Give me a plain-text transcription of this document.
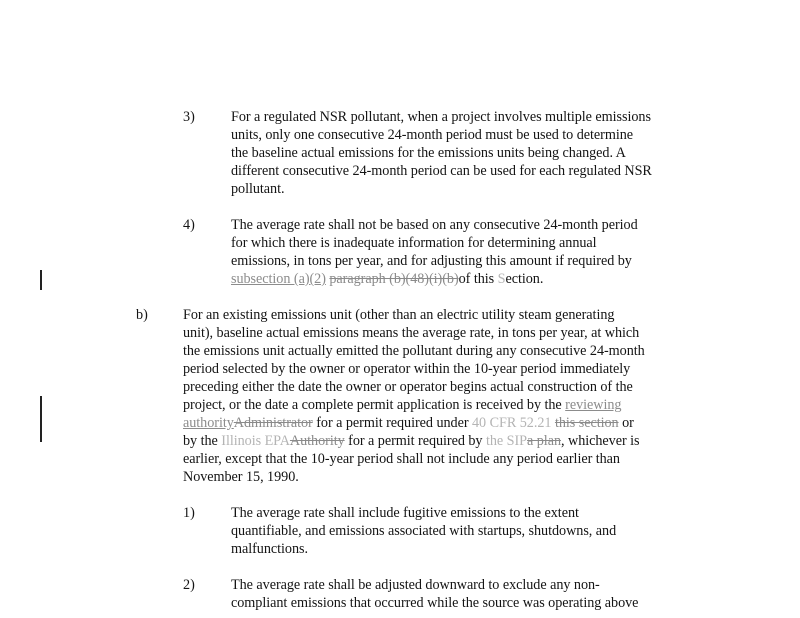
3)	For a regulated NSR pollutant, when a project involves multiple emissions
units, only one consecutive 24-month period must be used to determine
the baseline actual emissions for the emissions units being changed. A
different consecutive 24-month period can be used for each regulated NSR
pollutant.
4)	The average rate shall not be based on any consecutive 24-month period
for which there is inadequate information for determining annual
emissions, in tons per year, and for adjusting this amount if required by
subsection (a)(2) paragraph (b)(48)(i)(b)of this Section.
b) For an existing emissions unit (other than an electric utility steam generating
unit), baseline actual emissions means the average rate, in tons per year, at which
the emissions unit actually emitted the pollutant during any consecutive 24-month
period selected by the owner or operator within the 10-year period immediately
preceding either the date the owner or operator begins actual construction of the
project, or the date a complete permit application is received by the reviewing
authorityAdministrator for a permit required under 40 CFR 52.21 this section or
by the Illinois EPAAuthority for a permit required by the SIPa plan, whichever is
earlier, except that the 10-year period shall not include any period earlier than
November 15, 1990.
1)	The average rate shall include fugitive emissions to the extent
quantifiable, and emissions associated with startups, shutdowns, and
malfunctions.
2)	The average rate shall be adjusted downward to exclude any non-
compliant emissions that occurred while the source was operating above
